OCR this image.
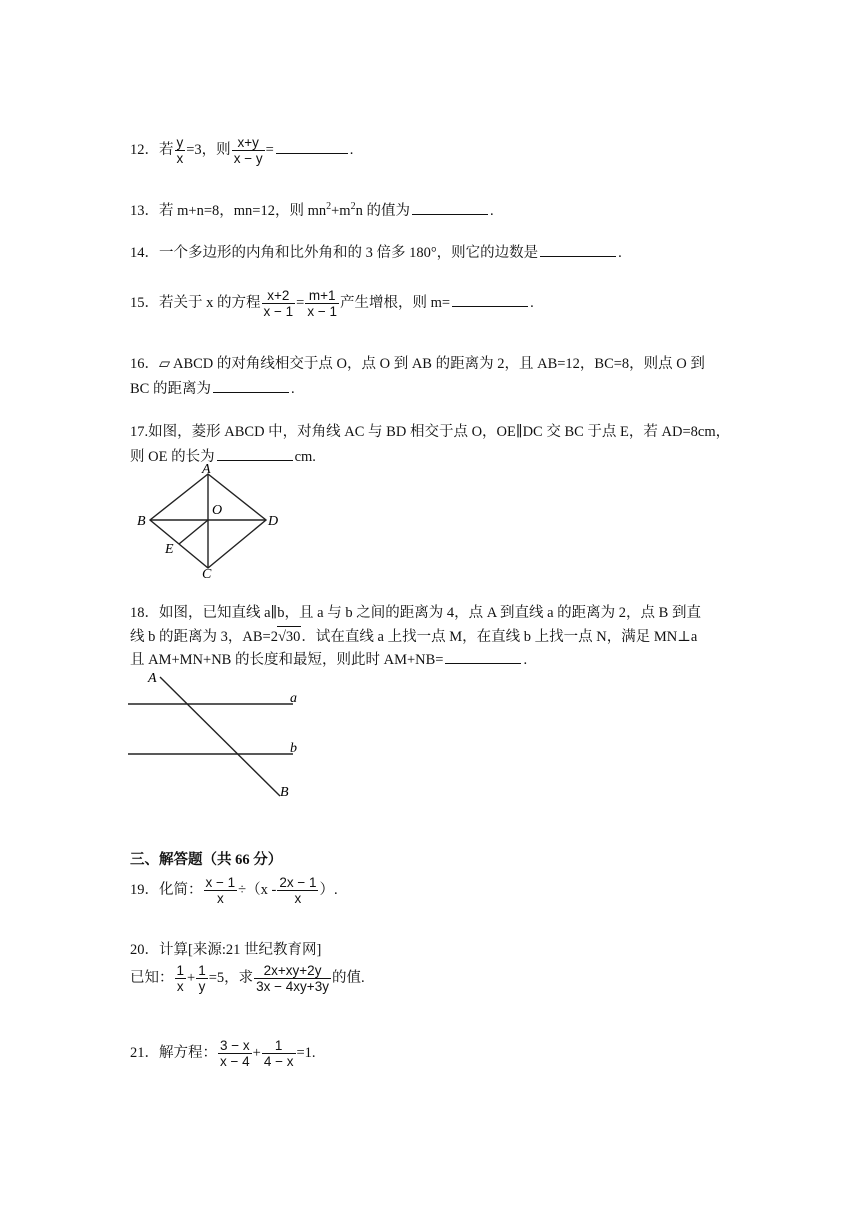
12．若 $\frac{y}{x} =3$，则 $\frac{x+y}{x - y}$ =	.
13．若 m+n=8，mn=12，则 $mn^2+m^2n$ 的值为	.
14．一个多边形的内角和比外角和的 3 倍多 180°，则它的边数是	.
15．若关于 x 的方程 $\frac{x+2}{x - 1} = \frac{m+1}{x - 1}$ 产生增根，则 m=	.
16．▱ ABCD 的对角线相交于点 O，点 O 到 AB 的距离为 2，且 AB=12，BC=8，则点 O 到
BC 的距离为	.
17.如图，菱形 ABCD 中，对角线 AC 与 BD 相交于点 O，OE∥DC 交 BC 于点 E，若 AD=8cm，
则 OE 的长为	cm.
A
B
C
D
O
E
18．如图，已知直线 a∥b，且 a 与 b 之间的距离为 4，点 A 到直线 a 的距离为 2，点 B 到直
线 b 的距离为 3，AB=2√30．试在直线 a 上找一点 M，在直线 b 上找一点 N，满足 MN⊥a
且 AM+MN+NB 的长度和最短，则此时 AM+NB=	.
A
a
b
B
三、解答题（共 66 分）
19．化简： $\frac{x - 1}{x} \div(x - \frac{2x - 1}{x}$ ）.
20．计算[来源:21 世纪教育网]
已知： $\frac{1}{x} + \frac{1}{y} =5$，求 $\frac{2x+xy+2y}{3x - 4xy+3y}$ 的值.
21．解方程： $\frac{3 - x}{x - 4} + \frac{1}{4 - x} =1$.
